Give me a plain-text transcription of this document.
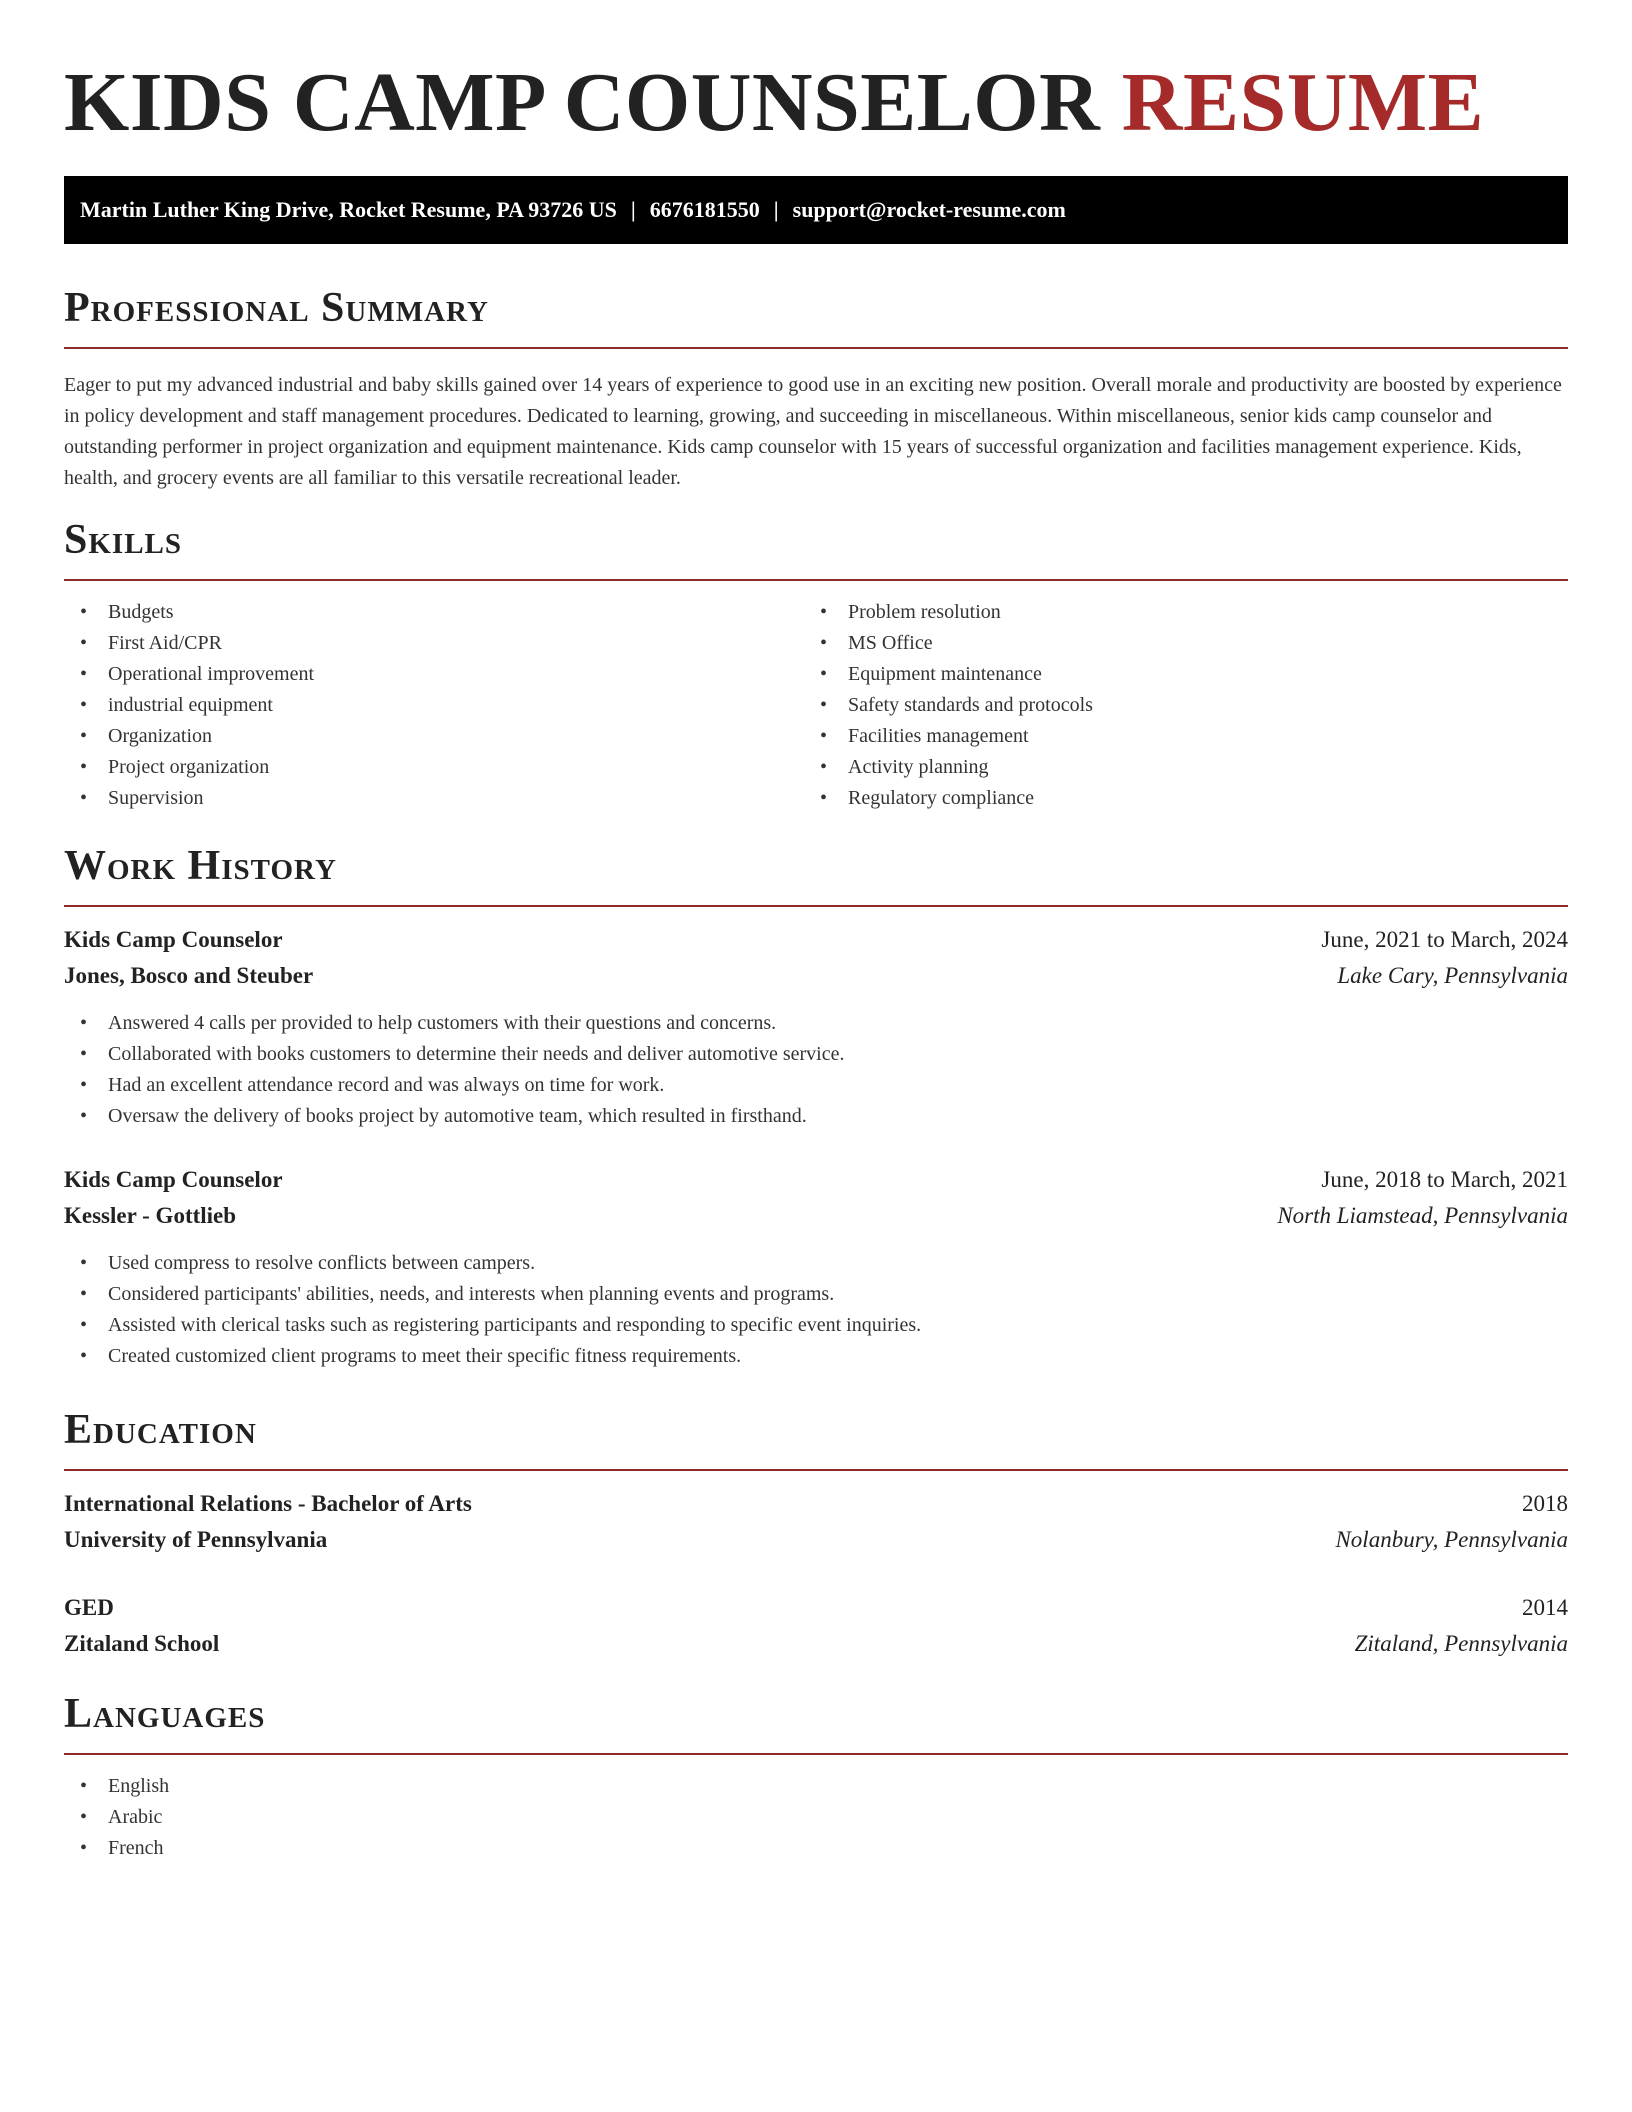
KIDS CAMP COUNSELOR RESUME
Martin Luther King Drive, Rocket Resume, PA 93726 US | 6676181550 | support@rocket-resume.com
Professional Summary

Eager to put my advanced industrial and baby skills gained over 14 years of experience to good use in an exciting new position. Overall morale and productivity are boosted by experience in policy development and staff management procedures. Dedicated to learning, growing, and succeeding in miscellaneous. Within miscellaneous, senior kids camp counselor and outstanding performer in project organization and equipment maintenance. Kids camp counselor with 15 years of successful organization and facilities management experience. Kids, health, and grocery events are all familiar to this versatile recreational leader.

Skills
• Budgets
• First Aid/CPR
• Operational improvement
• industrial equipment
• Organization
• Project organization
• Supervision
• Problem resolution
• MS Office
• Equipment maintenance
• Safety standards and protocols
• Facilities management
• Activity planning
• Regulatory compliance
Work History
Kids Camp Counselor	June, 2021 to March, 2024
Jones, Bosco and Steuber	Lake Cary, Pennsylvania
• Answered 4 calls per provided to help customers with their questions and concerns.
• Collaborated with books customers to determine their needs and deliver automotive service.
• Had an excellent attendance record and was always on time for work.
• Oversaw the delivery of books project by automotive team, which resulted in firsthand.
Kids Camp Counselor	June, 2018 to March, 2021
Kessler - Gottlieb	North Liamstead, Pennsylvania
• Used compress to resolve conflicts between campers.
• Considered participants' abilities, needs, and interests when planning events and programs.
• Assisted with clerical tasks such as registering participants and responding to specific event inquiries.
• Created customized client programs to meet their specific fitness requirements.
Education
International Relations - Bachelor of Arts	2018
University of Pennsylvania	Nolanbury, Pennsylvania
GED	2014
Zitaland School	Zitaland, Pennsylvania
Languages
• English
• Arabic
• French
